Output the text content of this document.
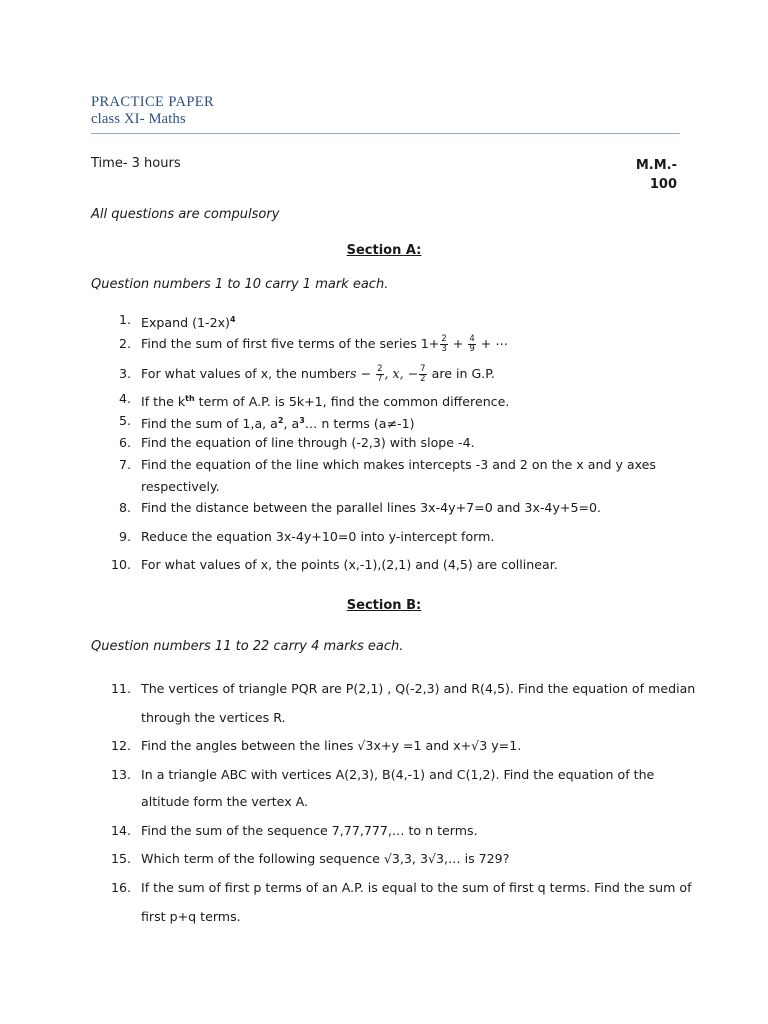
PRACTICE PAPER
class XI- Maths
Time- 3 hours	M.M.-
100
All questions are compulsory
Section A:
Question numbers 1 to 10 carry 1 mark each.
1. Expand $(1-2x)^4$
2. Find the sum of first five terms of the series $1+ \frac{2}{3} + \frac{4}{9}$ + ⋯
3. For what values of x, the numbers − $\frac{2}{7}$ , x, − $\frac{7}{2}$ are in G.P.
4. If the $k^{th}$ term of A.P. is 5k+1, find the common difference.
5. Find the sum of 1,a, $a^2$, $a^3\dots$ n terms (a≠-1)
6. Find the equation of line through (-2,3) with slope -4.
7. Find the equation of the line which makes intercepts -3 and 2 on the x and y axes
respectively.
8. Find the distance between the parallel lines 3x-4y+7=0 and 3x-4y+5=0.
9. Reduce the equation 3x-4y+10=0 into y-intercept form.
10. For what values of x, the points (x,-1),(2,1) and (4,5) are collinear.
Section B:
Question numbers 11 to 22 carry 4 marks each.
11. The vertices of triangle PQR are P(2,1) , Q(-2,3) and R(4,5). Find the equation of median
through the vertices R.
12. Find the angles between the lines √3x+y =1 and x+√3 y=1.
13. In a triangle ABC with vertices A(2,3), B(4,-1) and C(1,2). Find the equation of the
altitude form the vertex A.
14. Find the sum of the sequence 7,77,777,… to n terms.
15. Which term of the following sequence √3,3, 3√3,… is 729?
16. If the sum of first p terms of an A.P. is equal to the sum of first q terms. Find the sum of
first p+q terms.
